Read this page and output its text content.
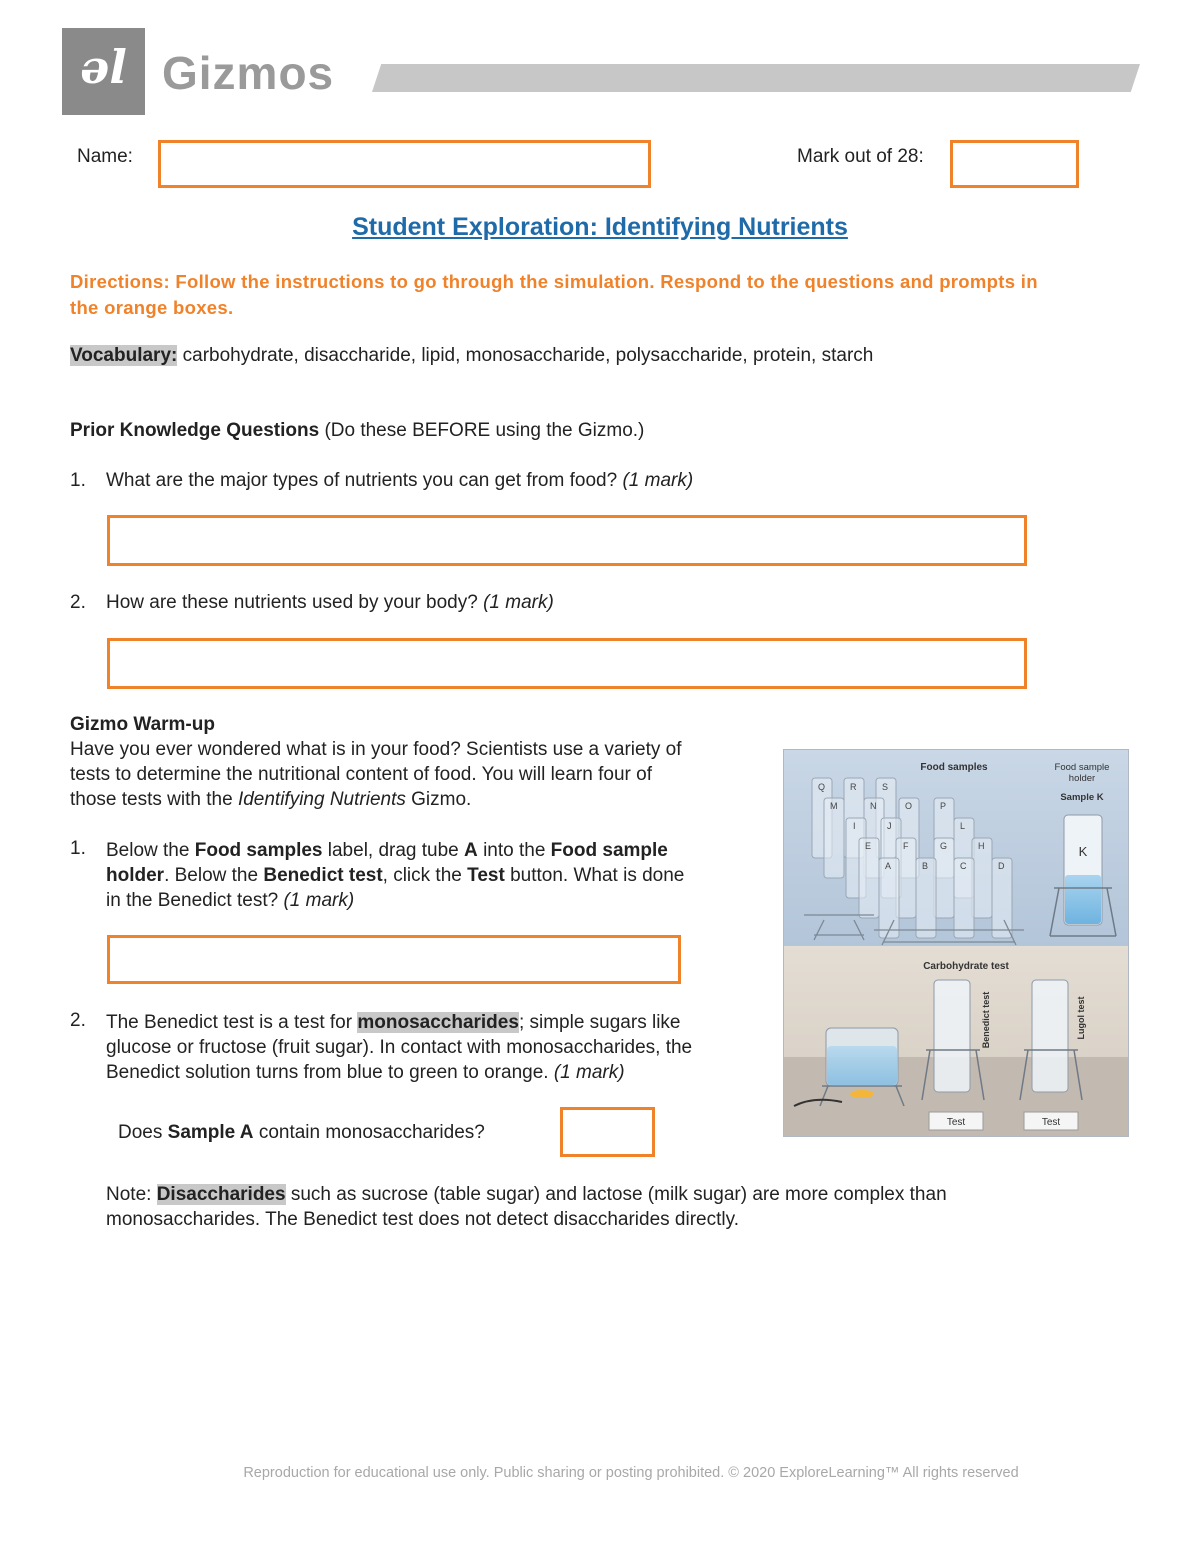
əl Gizmos
Name:	Mark out of 28:
Student Exploration: Identifying Nutrients
Directions: Follow the instructions to go through the simulation. Respond to the questions and prompts in the orange boxes.
Vocabulary: carbohydrate, disaccharide, lipid, monosaccharide, polysaccharide, protein, starch
Prior Knowledge Questions (Do these BEFORE using the Gizmo.)
1. What are the major types of nutrients you can get from food? (1 mark)
2. How are these nutrients used by your body? (1 mark)
Gizmo Warm-up
Have you ever wondered what is in your food? Scientists use a variety of
tests to determine the nutritional content of food. You will learn four of
those tests with the Identifying Nutrients Gizmo.
1. Below the Food samples label, drag tube A into the Food sample
holder. Below the Benedict test, click the Test button. What is done
in the Benedict test? (1 mark)
2. The Benedict test is a test for monosaccharides; simple sugars like
glucose or fructose (fruit sugar). In contact with monosaccharides, the
Benedict solution turns from blue to green to orange. (1 mark)
Does Sample A contain monosaccharides?
Note: Disaccharides such as sucrose (table sugar) and lactose (milk sugar) are more complex than
monosaccharides. The Benedict test does not detect disaccharides directly.
Q	R	S
M	N	O	P
I	J	L
E	F	G	H
A	B	C	D
Food samples	Food sample
holder
Sample K
K
Carbohydrate test
Benedict test	Lugol test
Test	Test
Reproduction for educational use only. Public sharing or posting prohibited. © 2020 ExploreLearning™ All rights reserved
